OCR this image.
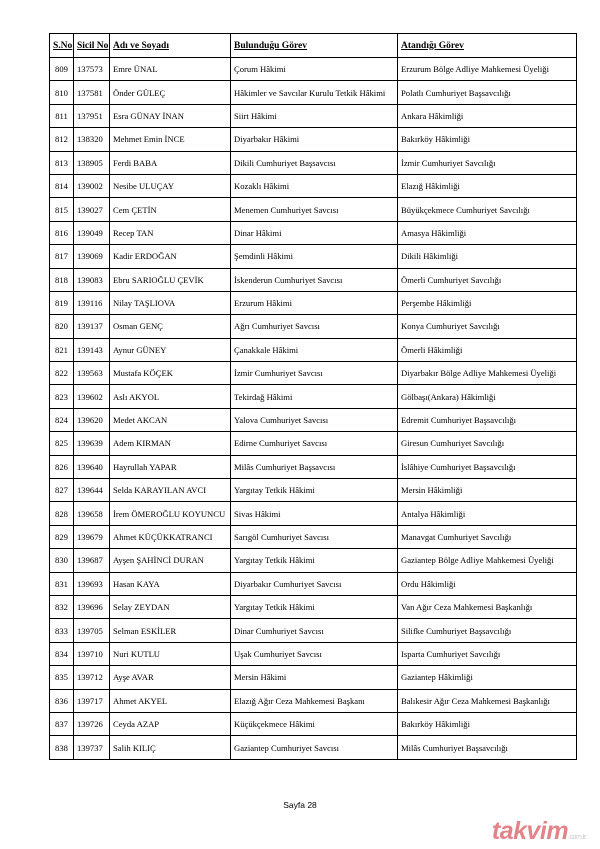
S.No	Sicil No	Adı ve Soyadı	Bulunduğu Görev	Atandığı Görev
809	137573	Emre ÜNAL	Çorum Hâkimi	Erzurum Bölge Adliye Mahkemesi Üyeliği
810	137581	Önder GÜLEÇ	Hâkimler ve Savcılar Kurulu Tetkik Hâkimi	Polatlı Cumhuriyet Başsavcılığı
811	137951	Esra GÜNAY İNAN	Siirt Hâkimi	Ankara Hâkimliği
812	138320	Mehmet Emin İNCE	Diyarbakır Hâkimi	Bakırköy Hâkimliği
813	138905	Ferdi BABA	Dikili Cumhuriyet Başsavcısı	İzmir Cumhuriyet Savcılığı
814	139002	Nesibe ULUÇAY	Kozaklı Hâkimi	Elazığ Hâkimliği
815	139027	Cem ÇETİN	Menemen Cumhuriyet Savcısı	Büyükçekmece Cumhuriyet Savcılığı
816	139049	Recep TAN	Dinar Hâkimi	Amasya Hâkimliği
817	139069	Kadir ERDOĞAN	Şemdinli Hâkimi	Dikili Hâkimliği
818	139083	Ebru SARIOĞLU ÇEVİK	İskenderun Cumhuriyet Savcısı	Ömerli Cumhuriyet Savcılığı
819	139116	Nilay TAŞLIOVA	Erzurum Hâkimi	Perşembe Hâkimliği
820	139137	Osman GENÇ	Ağrı Cumhuriyet Savcısı	Konya Cumhuriyet Savcılığı
821	139143	Aynur GÜNEY	Çanakkale Hâkimi	Ömerli Hâkimliği
822	139563	Mustafa KÖÇEK	İzmir Cumhuriyet Savcısı	Diyarbakır Bölge Adliye Mahkemesi Üyeliği
823	139602	Aslı AKYOL	Tekirdağ Hâkimi	Gölbaşı(Ankara) Hâkimliği
824	139620	Medet AKCAN	Yalova Cumhuriyet Savcısı	Edremit Cumhuriyet Başsavcılığı
825	139639	Adem KIRMAN	Edirne Cumhuriyet Savcısı	Giresun Cumhuriyet Savcılığı
826	139640	Hayrullah YAPAR	Milâs Cumhuriyet Başsavcısı	İslâhiye Cumhuriyet Başsavcılığı
827	139644	Selda KARAYILAN AVCI	Yargıtay Tetkik Hâkimi	Mersin Hâkimliği
828	139658	İrem ÖMEROĞLU KOYUNCU	Sivas Hâkimi	Antalya Hâkimliği
829	139679	Ahmet KÜÇÜKKATRANCI	Sarıgöl Cumhuriyet Savcısı	Manavgat Cumhuriyet Savcılığı
830	139687	Ayşen ŞAHİNCİ DURAN	Yargıtay Tetkik Hâkimi	Gaziantep Bölge Adliye Mahkemesi Üyeliği
831	139693	Hasan KAYA	Diyarbakır Cumhuriyet Savcısı	Ordu Hâkimliği
832	139696	Selay ZEYDAN	Yargıtay Tetkik Hâkimi	Van Ağır Ceza Mahkemesi Başkanlığı
833	139705	Selman ESKİLER	Dinar Cumhuriyet Savcısı	Silifke Cumhuriyet Başsavcılığı
834	139710	Nuri KUTLU	Uşak Cumhuriyet Savcısı	Isparta Cumhuriyet Savcılığı
835	139712	Ayşe AVAR	Mersin Hâkimi	Gaziantep Hâkimliği
836	139717	Ahmet AKYEL	Elazığ Ağır Ceza Mahkemesi Başkanı	Balıkesir Ağır Ceza Mahkemesi Başkanlığı
837	139726	Ceyda AZAP	Küçükçekmece Hâkimi	Bakırköy Hâkimliği
838	139737	Salih KILIÇ	Gaziantep Cumhuriyet Savcısı	Milâs Cumhuriyet Başsavcılığı
Sayfa 28
takvim.com.tr
